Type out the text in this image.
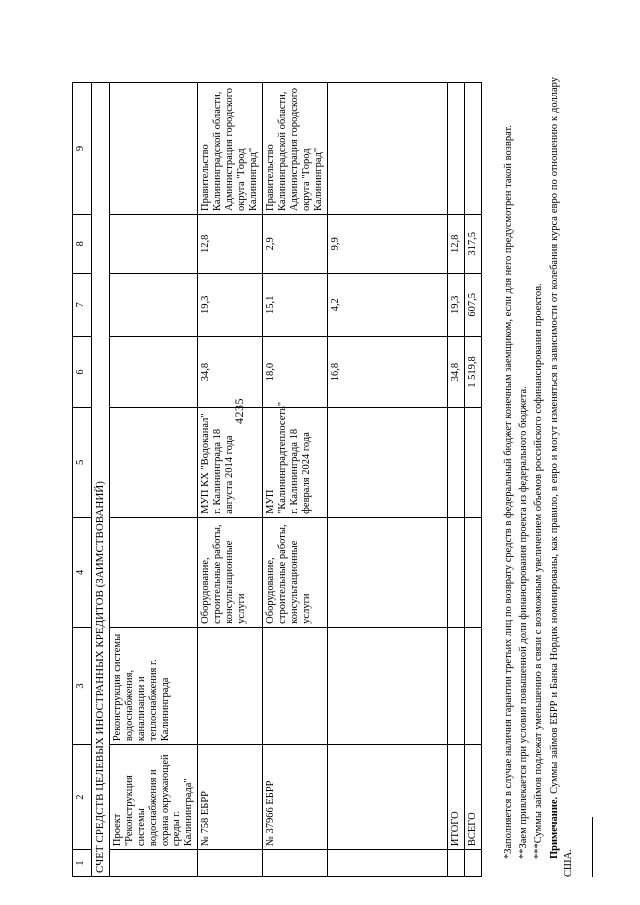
4235
1	2	3	4	5	6	7	8	9
СЧЕТ СРЕДСТВ ЦЕЛЕВЫХ ИНОСТРАННЫХ КРЕДИТОВ (ЗАИМСТВОВАНИЙ)								
	Проект "Реконструкция системы водоснабжения и охрана окружающей среды г. Калининграда"	Реконструкция системы водоснабжения, канализации и теплоснабжения г. Калининграда						
	№ 758 ЕБРР		Оборудование, строительные работы, консультационные услуги	МУП КХ "Водоканал" г. Калининграда 18 августа 2014 года	34,8	19,3	12,8	Правительство Калининградской области, Администрация городского округа "Город Калининград"
	№ 37966 ЕБРР		Оборудование, строительные работы, консультационные услуги	МУП "Калининградтеплосеть" г. Калининграда 18 февраля 2024 года	18,0	15,1	2,9	Правительство Калининградской области, Администрация городского округа "Город Калининград"
					16,8	4,2	9,9	
	ИТОГО				34,8	19,3	12,8	
	ВСЕГО				1 519,8	607,5	317,5	*Заполняется в случае наличия гарантии третьих лиц по возврату средств в федеральный бюджет конечным заемщиком, если для него предусмотрен такой возврат. **Заем привлекается при условии повышенной доли финансирования проекта из федерального бюджета. ***Суммы займов подлежат уменьшению в связи с возможным увеличением объемов российского софинансирования проектов. Примечание. Суммы займов ЕБРР и Банка Нордик номинированы, как правило, в евро и могут изменяться в зависимости от колебания курса евро по отношению к доллару США.
